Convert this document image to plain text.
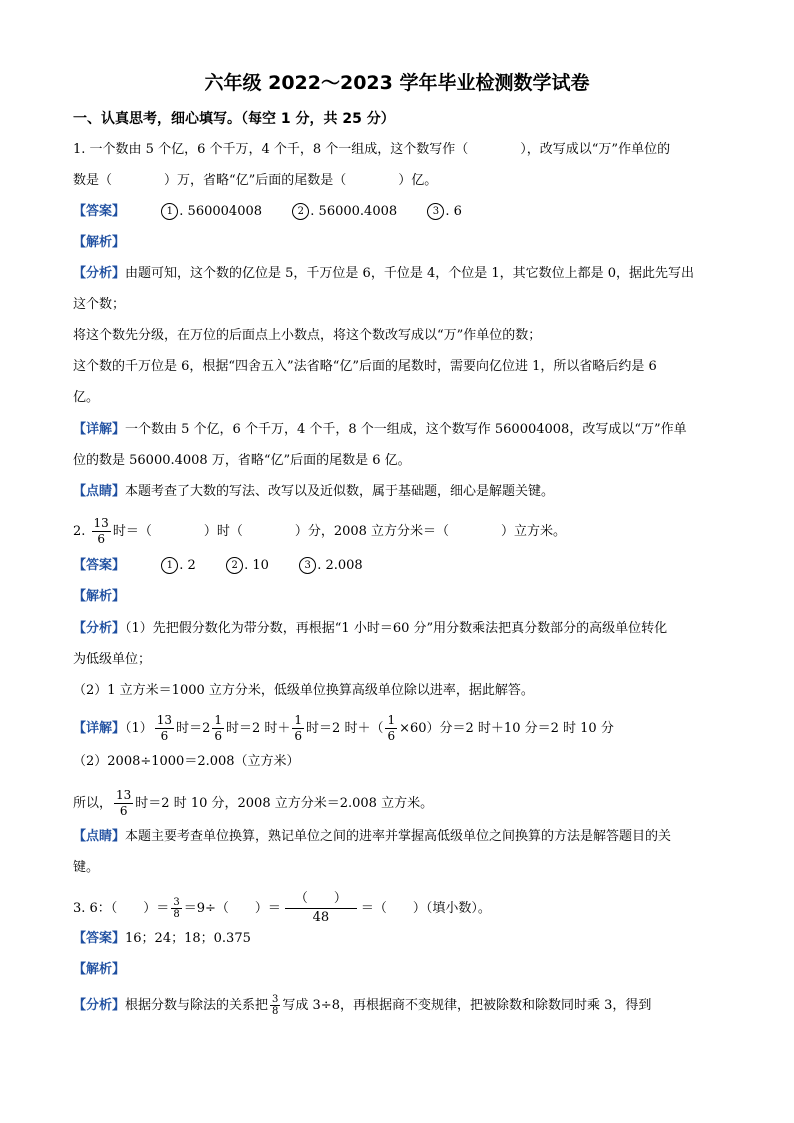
六年级 2022～2023 学年毕业检测数学试卷
一、认真思考，细心填写。（每空 1 分，共 25 分）
1. 一个数由 5 个亿，6 个千万，4 个千，8 个一组成，这个数写作（　　　　），改写成以“万”作单位的
数是（　　　　）万，省略“亿”后面的尾数是（　　　　）亿。
【答案】	1 . 560004008	2 . 56000.4008	3 . 6
【解析】
【分析】由题可知，这个数的亿位是 5，千万位是 6，千位是 4，个位是 1，其它数位上都是 0，据此先写出
这个数；
将这个数先分级，在万位的后面点上小数点，将这个数改写成以“万”作单位的数；
这个数的千万位是 6，根据“四舍五入”法省略“亿”后面的尾数时，需要向亿位进 1，所以省略后约是 6
亿。
【详解】一个数由 5 个亿，6 个千万，4 个千，8 个一组成，这个数写作 560004008，改写成以“万”作单
位的数是 56000.4008 万，省略“亿”后面的尾数是 6 亿。
【点睛】本题考查了大数的写法、改写以及近似数，属于基础题，细心是解题关键。
2. $\frac{13}{6}$ 时＝（　　　　）时（　　　　）分，2008 立方分米＝（　　　　）立方米。
【答案】	1 . 2	2 . 10	3 . 2.008
【解析】
【分析】（1）先把假分数化为带分数，再根据“1 小时＝60 分”用分数乘法把真分数部分的高级单位转化
为低级单位；
（2）1 立方米＝1000 立方分米，低级单位换算高级单位除以进率，据此解答。
【详解】$(1) \frac{13}{6}$ 时$=2 \frac{1}{6}$ 时＝2 时＋ $\frac{1}{6}$ 时＝2 时＋（ $\frac{1}{6} \times 60$）分＝2 时＋10 分＝2 时 10 分
（2）2008÷1000＝2.008（立方米）
所以， $\frac{13}{6}$ 时＝2 时 10 分，2008 立方分米＝2.008 立方米。
【点睛】本题主要考查单位换算，熟记单位之间的进率并掌握高低级单位之间换算的方法是解答题目的关
键。
3. 6：（　　）＝ $\frac{3}{8} =9\div$（　　）＝
（　　）
48
＝（　　）（填小数）。
【答案】16；24；18；0.375
【解析】
【分析】根据分数与除法的关系把 $\frac{3}{8}$ 写成 3÷8，再根据商不变规律，把被除数和除数同时乘 3，得到
